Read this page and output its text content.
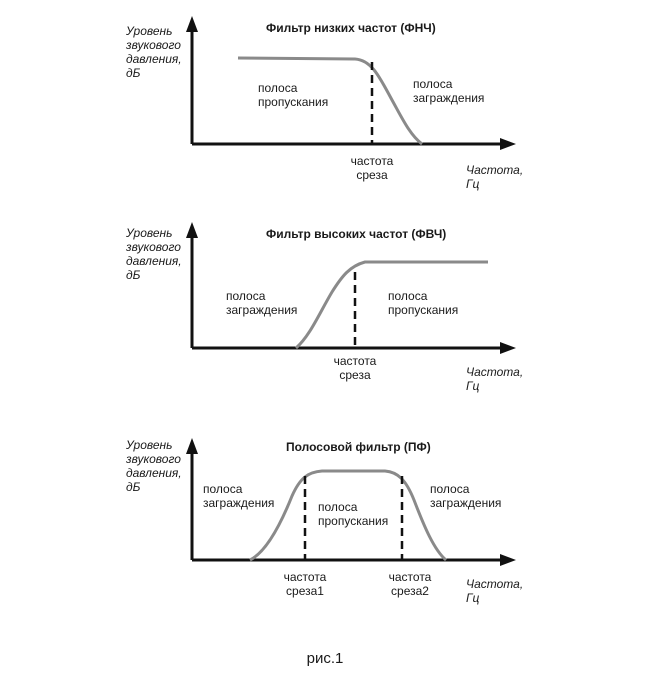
Уровень
звукового
давления,
дБ
Фильтр низких частот (ФНЧ)
полоса
пропускания
полоса
заграждения
частота
среза	Частота,
Гц
Уровень
звукового
давления,
дБ
Фильтр высоких частот (ФВЧ)
полоса
заграждения
полоса
пропускания
частота
среза	Частота,
Гц
Уровень
звукового
давления,
дБ
Полосовой фильтр (ПФ)
полоса
заграждения	полоса
пропускания
полоса
заграждения
частота
среза1
частота
среза2	Частота,
Гц
рис.1
